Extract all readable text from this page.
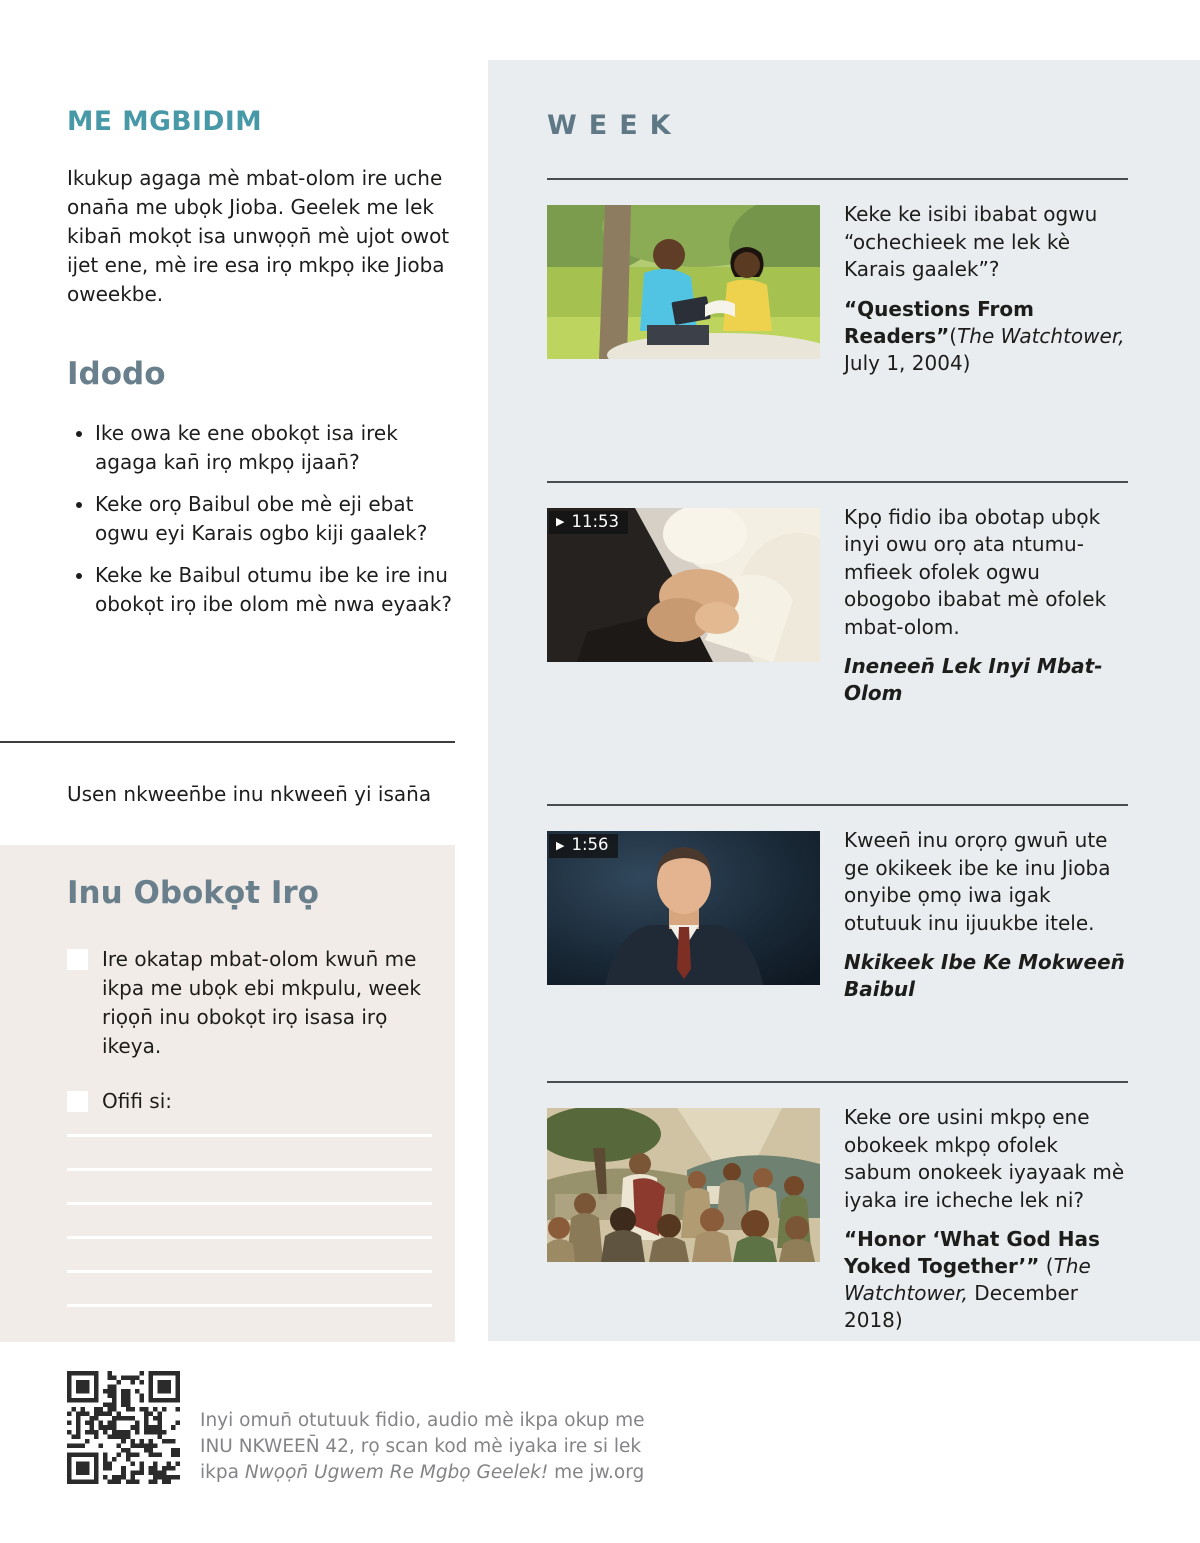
ME MGBIDIM

Ikukup agaga mè mbat-olom ire uche onan̄a me ubọk Jioba. Geelek me lek kiban̄ mokọt isa unwọọn̄ mè ujot owot ijet ene, mè ire esa irọ mkpọ ike Jioba oweekbe.

Idodo
• Ike owa ke ene obokọt isa irek agaga kan̄ irọ mkpọ ijaan̄?
• Keke orọ Baibul obe mè eji ebat ogwu eyi Karais ogbo kiji gaalek?
• Keke ke Baibul otumu ibe ke ire inu obokọt irọ ibe olom mè nwa eyaak?

Usen nkween̄be inu nkween̄ yi isan̄a

Inu Obokọt Irọ

Ire okatap mbat-olom kwun̄ me ikpa me ubọk ebi mkpulu, week riọọn̄ inu obokọt irọ isasa irọ ikeya.

Ofifi si:

WEEK

Keke ke isibi ibabat ogwu “ochechieek me lek kè Karais gaalek”?

“Questions From Readers”(The Watchtower, July 1, 2004)

▶ 11:53	Kpọ fidio iba obotap ubọk inyi owu orọ ata ntumu-mfieek ofolek ogwu obogobo ibabat mè ofolek mbat-olom.

Ineneen̄ Lek Inyi Mbat-Olom

▶ 1:56	Kween̄ inu orọrọ gwun̄ ute ge okikeek ibe ke inu Jioba onyibe ọmọ iwa igak otutuuk inu ijuukbe itele.

Nkikeek Ibe Ke Mokween̄ Baibul

Keke ore usini mkpọ ene obokeek mkpọ ofolek sabum onokeek iyayaak mè iyaka ire icheche lek ni?

“Honor ‘What God Has Yoked Together’” (The Watchtower, December 2018)

Inyi omun̄ otutuuk fidio, audio mè ikpa okup me INU NKWEEN̄ 42, rọ scan kod mè iyaka ire si lek ikpa Nwọọn̄ Ugwem Re Mgbọ Geelek! me jw.org
